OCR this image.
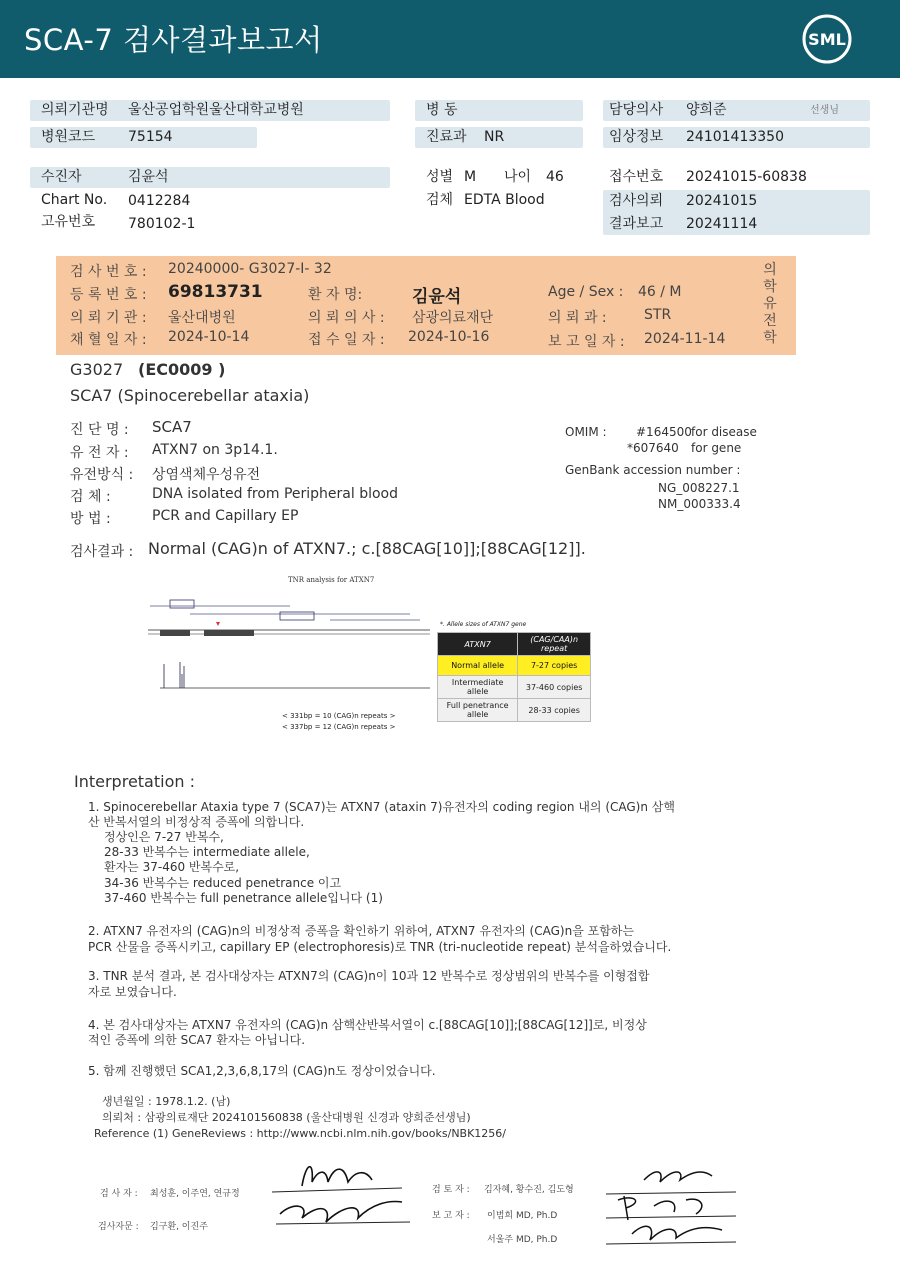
SCA-7 검사결과보고서	SML
의뢰기관명 울산공업학원울산대학교병원	병 동	담당의사 양희준	선생님
병원코드 75154	진료과 NR	임상정보 24101413350
수진자	김윤석	성별 M 나이 46	접수번호 20241015-60838
Chart No. 0412284	검체 EDTA Blood	검사의뢰 20241015
고유번호 780102-1	결과보고 20241114
검 사 번 호 : 20240000- G3027-I- 32
등 록 번 호 : 69813731	환 자 명:	김윤석	Age / Sex : 46 / M
의 뢰 기 관 : 울산대병원	의 뢰 의 사 : 삼광의료재단	의 뢰 과 :	STR
채 혈 일 자 : 2024-10-14	접 수 일 자 : 2024-10-16	보 고 일 자 : 2024-11-14
의
학
유
전
학
G3027 (EC0009 )
SCA7 (Spinocerebellar ataxia)
진 단 명 : SCA7
유 전 자 : ATXN7 on 3p14.1.
유전방식 : 상염색체우성유전
검 체 :	DNA isolated from Peripheral blood
방 법 :	PCR and Capillary EP
OMIM : #164500 for disease
*607640 for gene
GenBank accession number :
NG_008227.1
NM_000333.4
검사결과 : Normal (CAG)n of ATXN7.; c.[88CAG[10]];[88CAG[12]].
TNR analysis for ATXN7
*. Allele sizes of ATXN7 gene
< 331bp = 10 (CAG)n repeats >
< 337bp = 12 (CAG)n repeats >
ATXN7	(CAG/CAA)n repeat
Normal allele	7-27 copies
Intermediate allele	37-460 copies
Full penetrance allele	28-33 copies
Interpretation :
1. Spinocerebellar Ataxia type 7 (SCA7)는 ATXN7 (ataxin 7)유전자의 coding region 내의 (CAG)n 삼핵
산 반복서열의 비정상적 증폭에 의합니다.
정상인은 7-27 반복수,
28-33 반복수는 intermediate allele,
환자는 37-460 반복수로,
34-36 반복수는 reduced penetrance 이고
37-460 반복수는 full penetrance allele입니다 (1)
2. ATXN7 유전자의 (CAG)n의 비정상적 증폭을 확인하기 위하여, ATXN7 유전자의 (CAG)n을 포함하는
PCR 산물을 증폭시키고, capillary EP (electrophoresis)로 TNR (tri-nucleotide repeat) 분석을하였습니다.
3. TNR 분석 결과, 본 검사대상자는 ATXN7의 (CAG)n이 10과 12 반복수로 정상범위의 반복수를 이형접합
자로 보였습니다.
4. 본 검사대상자는 ATXN7 유전자의 (CAG)n 삼핵산반복서열이 c.[88CAG[10]];[88CAG[12]]로, 비정상
적인 증폭에 의한 SCA7 환자는 아닙니다.
5. 함께 진행했던 SCA1,2,3,6,8,17의 (CAG)n도 정상이었습니다.
생년월일 : 1978.1.2. (남)
의뢰처 : 삼광의료재단 2024101560838 (울산대병원 신경과 양희준선생님)
Reference (1) GeneReviews : http://www.ncbi.nlm.nih.gov/books/NBK1256/
검 사 자 : 최성훈, 이주연, 연규정
검사자문 : 김구환, 이진주
검 토 자 : 김자혜, 황수진, 김도형
보 고 자 : 이범희 MD, Ph.D
서울주 MD, Ph.D
